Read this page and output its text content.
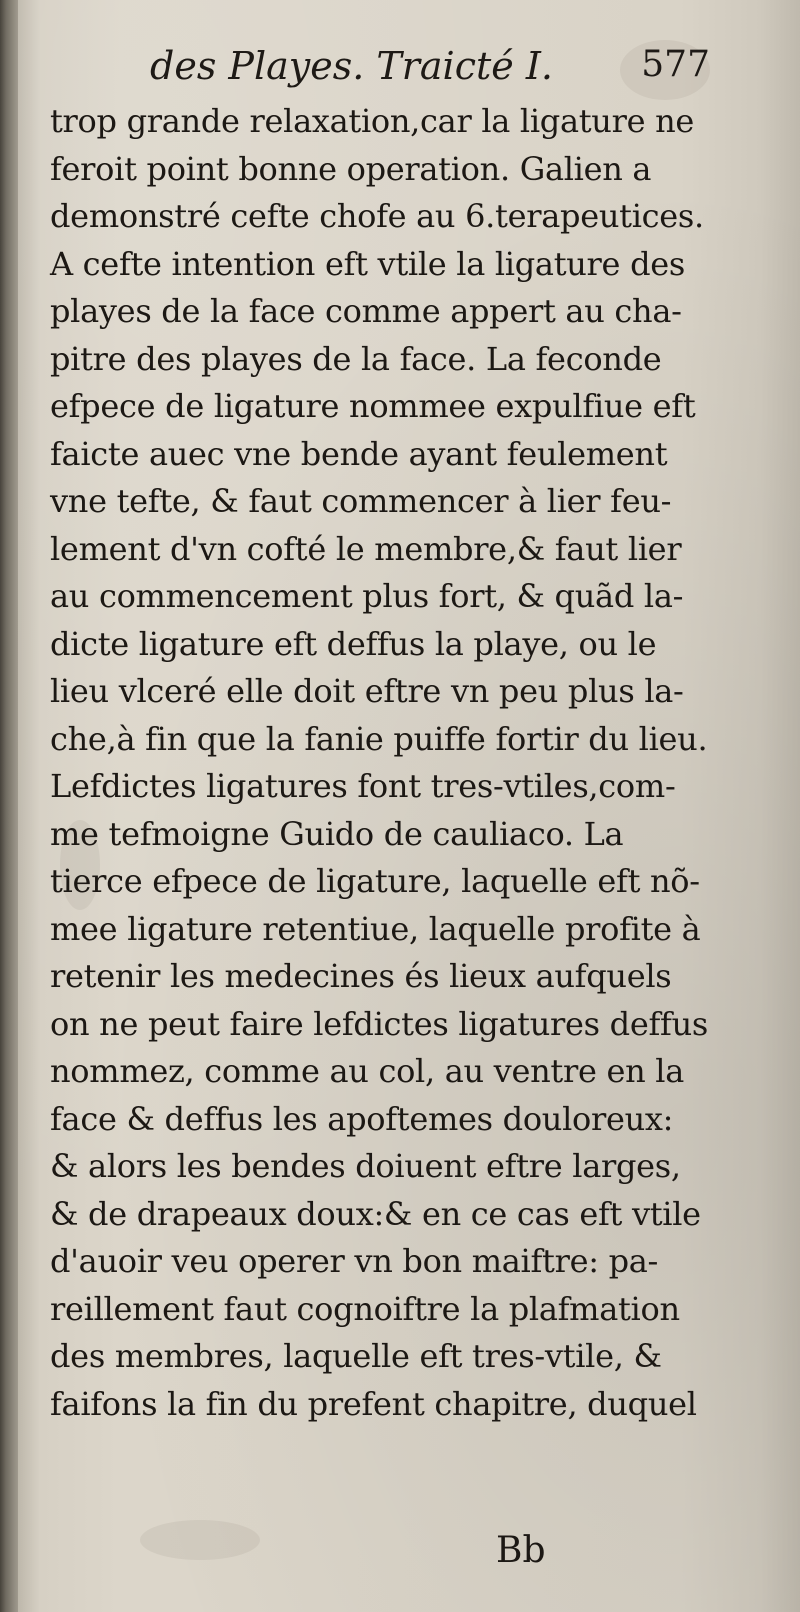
des Playes. Traicté I. 577
trop grande relaxation,car la ligature ne
feroit point bonne operation. Galien a
demonstré cefte chofe au 6.terapeutices.
A cefte intention eft vtile la ligature des
playes de la face comme appert au cha-
pitre des playes de la face. La feconde
efpece de ligature nommee expulfiue eft
faicte auec vne bende ayant feulement
vne tefte, & faut commencer à lier feu-
lement d'vn cofté le membre,& faut lier
au commencement plus fort, & quãd la-
dicte ligature eft deffus la playe, ou le
lieu vlceré elle doit eftre vn peu plus la-
che,à fin que la fanie puiffe fortir du lieu.
Lefdictes ligatures font tres-vtiles,com-
me tefmoigne Guido de cauliaco. La
tierce efpece de ligature, laquelle eft nõ-
mee ligature retentiue, laquelle profite à
retenir les medecines és lieux aufquels
on ne peut faire lefdictes ligatures deffus
nommez, comme au col, au ventre en la
face & deffus les apoftemes douloreux:
& alors les bendes doiuent eftre larges,
& de drapeaux doux:& en ce cas eft vtile
d'auoir veu operer vn bon maiftre: pa-
reillement faut cognoiftre la plafmation
des membres, laquelle eft tres-vtile, &
faifons la fin du prefent chapitre, duquel
Bb
